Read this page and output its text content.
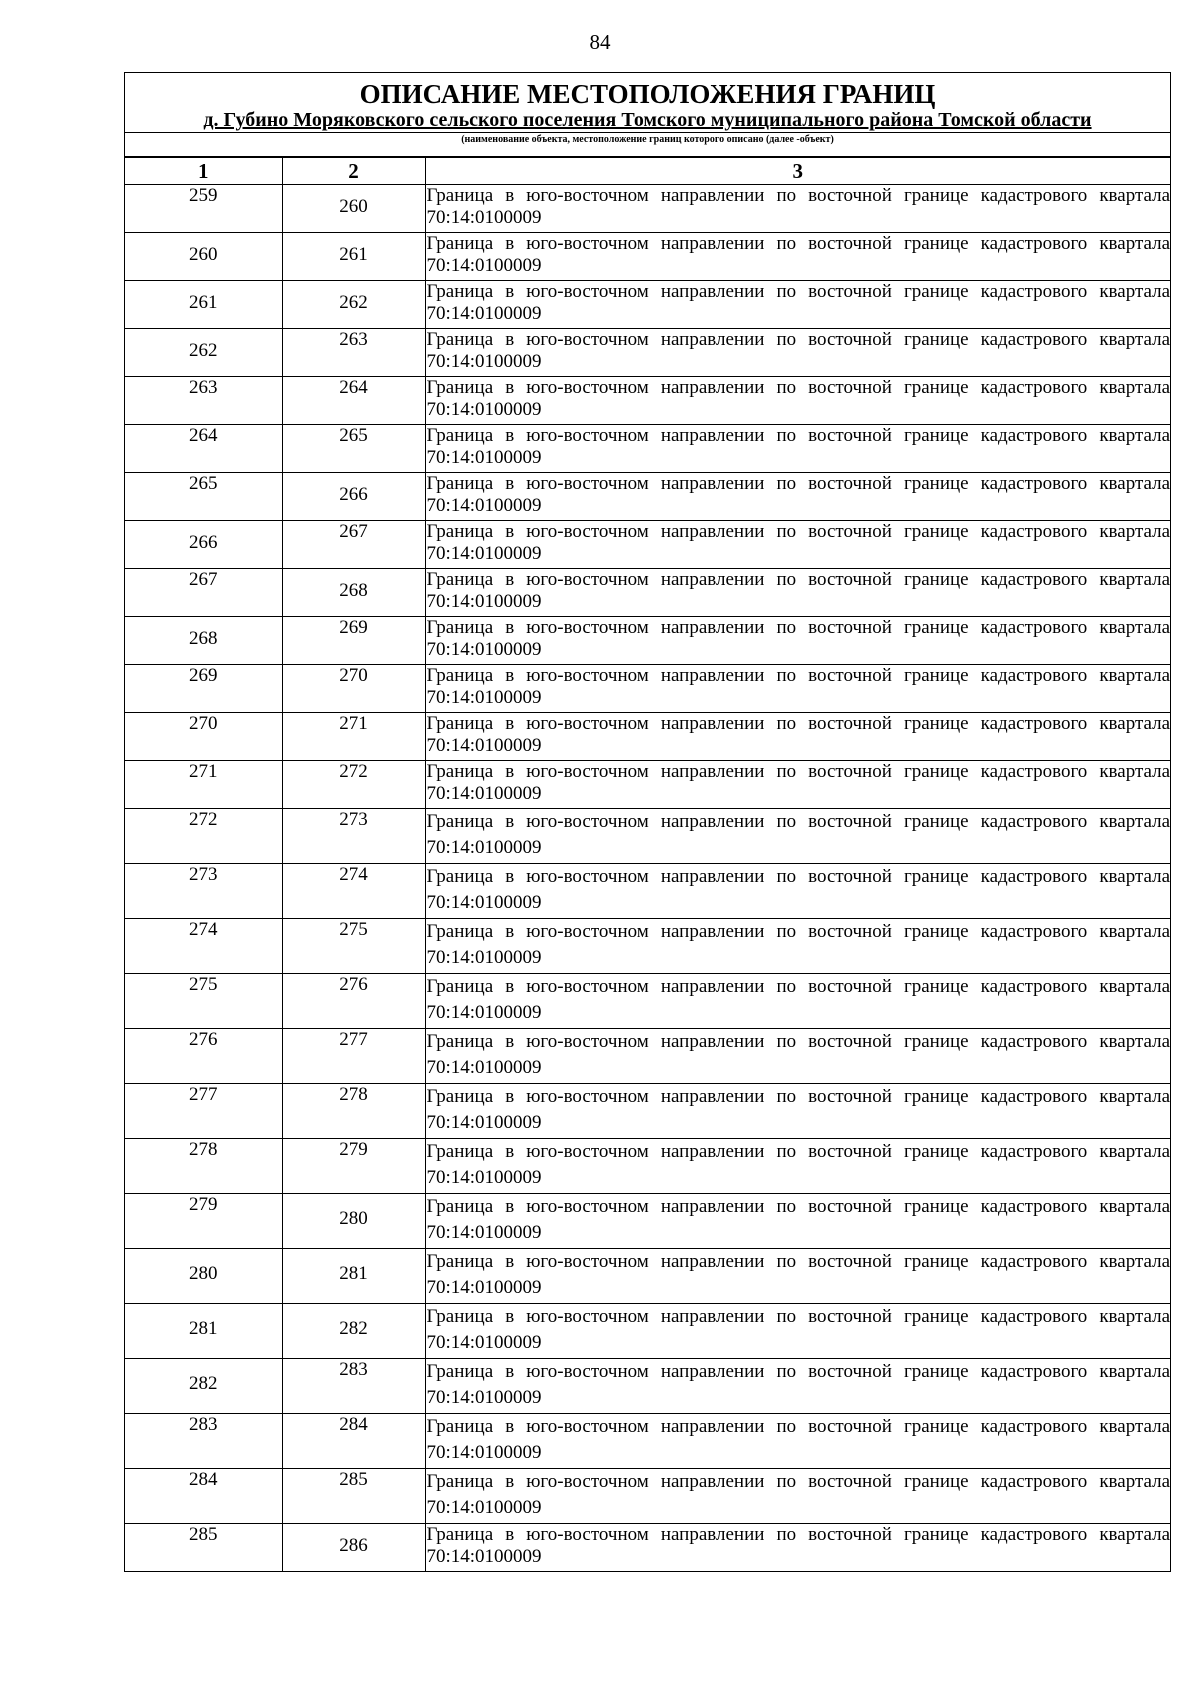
84
ОПИСАНИЕ МЕСТОПОЛОЖЕНИЯ ГРАНИЦ
д. Губино Моряковского сельского поселения Томского муниципального района Томской области
(наименование объекта, местоположение границ которого описано (далее -объект)
1	2	3

259	260	Граница в юго-восточном направлении по восточной границе кадастрового квартала
70:14:0100009

260	261	Граница в юго-восточном направлении по восточной границе кадастрового квартала
70:14:0100009

261	262	Граница в юго-восточном направлении по восточной границе кадастрового квартала
70:14:0100009

262	263	Граница в юго-восточном направлении по восточной границе кадастрового квартала
70:14:0100009

263	264	Граница в юго-восточном направлении по восточной границе кадастрового квартала
70:14:0100009

264	265	Граница в юго-восточном направлении по восточной границе кадастрового квартала
70:14:0100009

265	266	Граница в юго-восточном направлении по восточной границе кадастрового квартала
70:14:0100009

266	267	Граница в юго-восточном направлении по восточной границе кадастрового квартала
70:14:0100009

267	268	Граница в юго-восточном направлении по восточной границе кадастрового квартала
70:14:0100009

268	269	Граница в юго-восточном направлении по восточной границе кадастрового квартала
70:14:0100009

269	270	Граница в юго-восточном направлении по восточной границе кадастрового квартала
70:14:0100009

270	271	Граница в юго-восточном направлении по восточной границе кадастрового квартала
70:14:0100009

271	272	Граница в юго-восточном направлении по восточной границе кадастрового квартала
70:14:0100009

272	273	Граница в юго-восточном направлении по восточной границе кадастрового квартала
70:14:0100009

273	274	Граница в юго-восточном направлении по восточной границе кадастрового квартала
70:14:0100009

274	275	Граница в юго-восточном направлении по восточной границе кадастрового квартала
70:14:0100009

275	276	Граница в юго-восточном направлении по восточной границе кадастрового квартала
70:14:0100009

276	277	Граница в юго-восточном направлении по восточной границе кадастрового квартала
70:14:0100009

277	278	Граница в юго-восточном направлении по восточной границе кадастрового квартала
70:14:0100009

278	279	Граница в юго-восточном направлении по восточной границе кадастрового квартала
70:14:0100009

279	280	Граница в юго-восточном направлении по восточной границе кадастрового квартала
70:14:0100009

280	281	Граница в юго-восточном направлении по восточной границе кадастрового квартала
70:14:0100009

281	282	Граница в юго-восточном направлении по восточной границе кадастрового квартала
70:14:0100009

282	283	Граница в юго-восточном направлении по восточной границе кадастрового квартала
70:14:0100009

283	284	Граница в юго-восточном направлении по восточной границе кадастрового квартала
70:14:0100009

284	285	Граница в юго-восточном направлении по восточной границе кадастрового квартала
70:14:0100009

285	286	Граница в юго-восточном направлении по восточной границе кадастрового квартала
70:14:0100009
